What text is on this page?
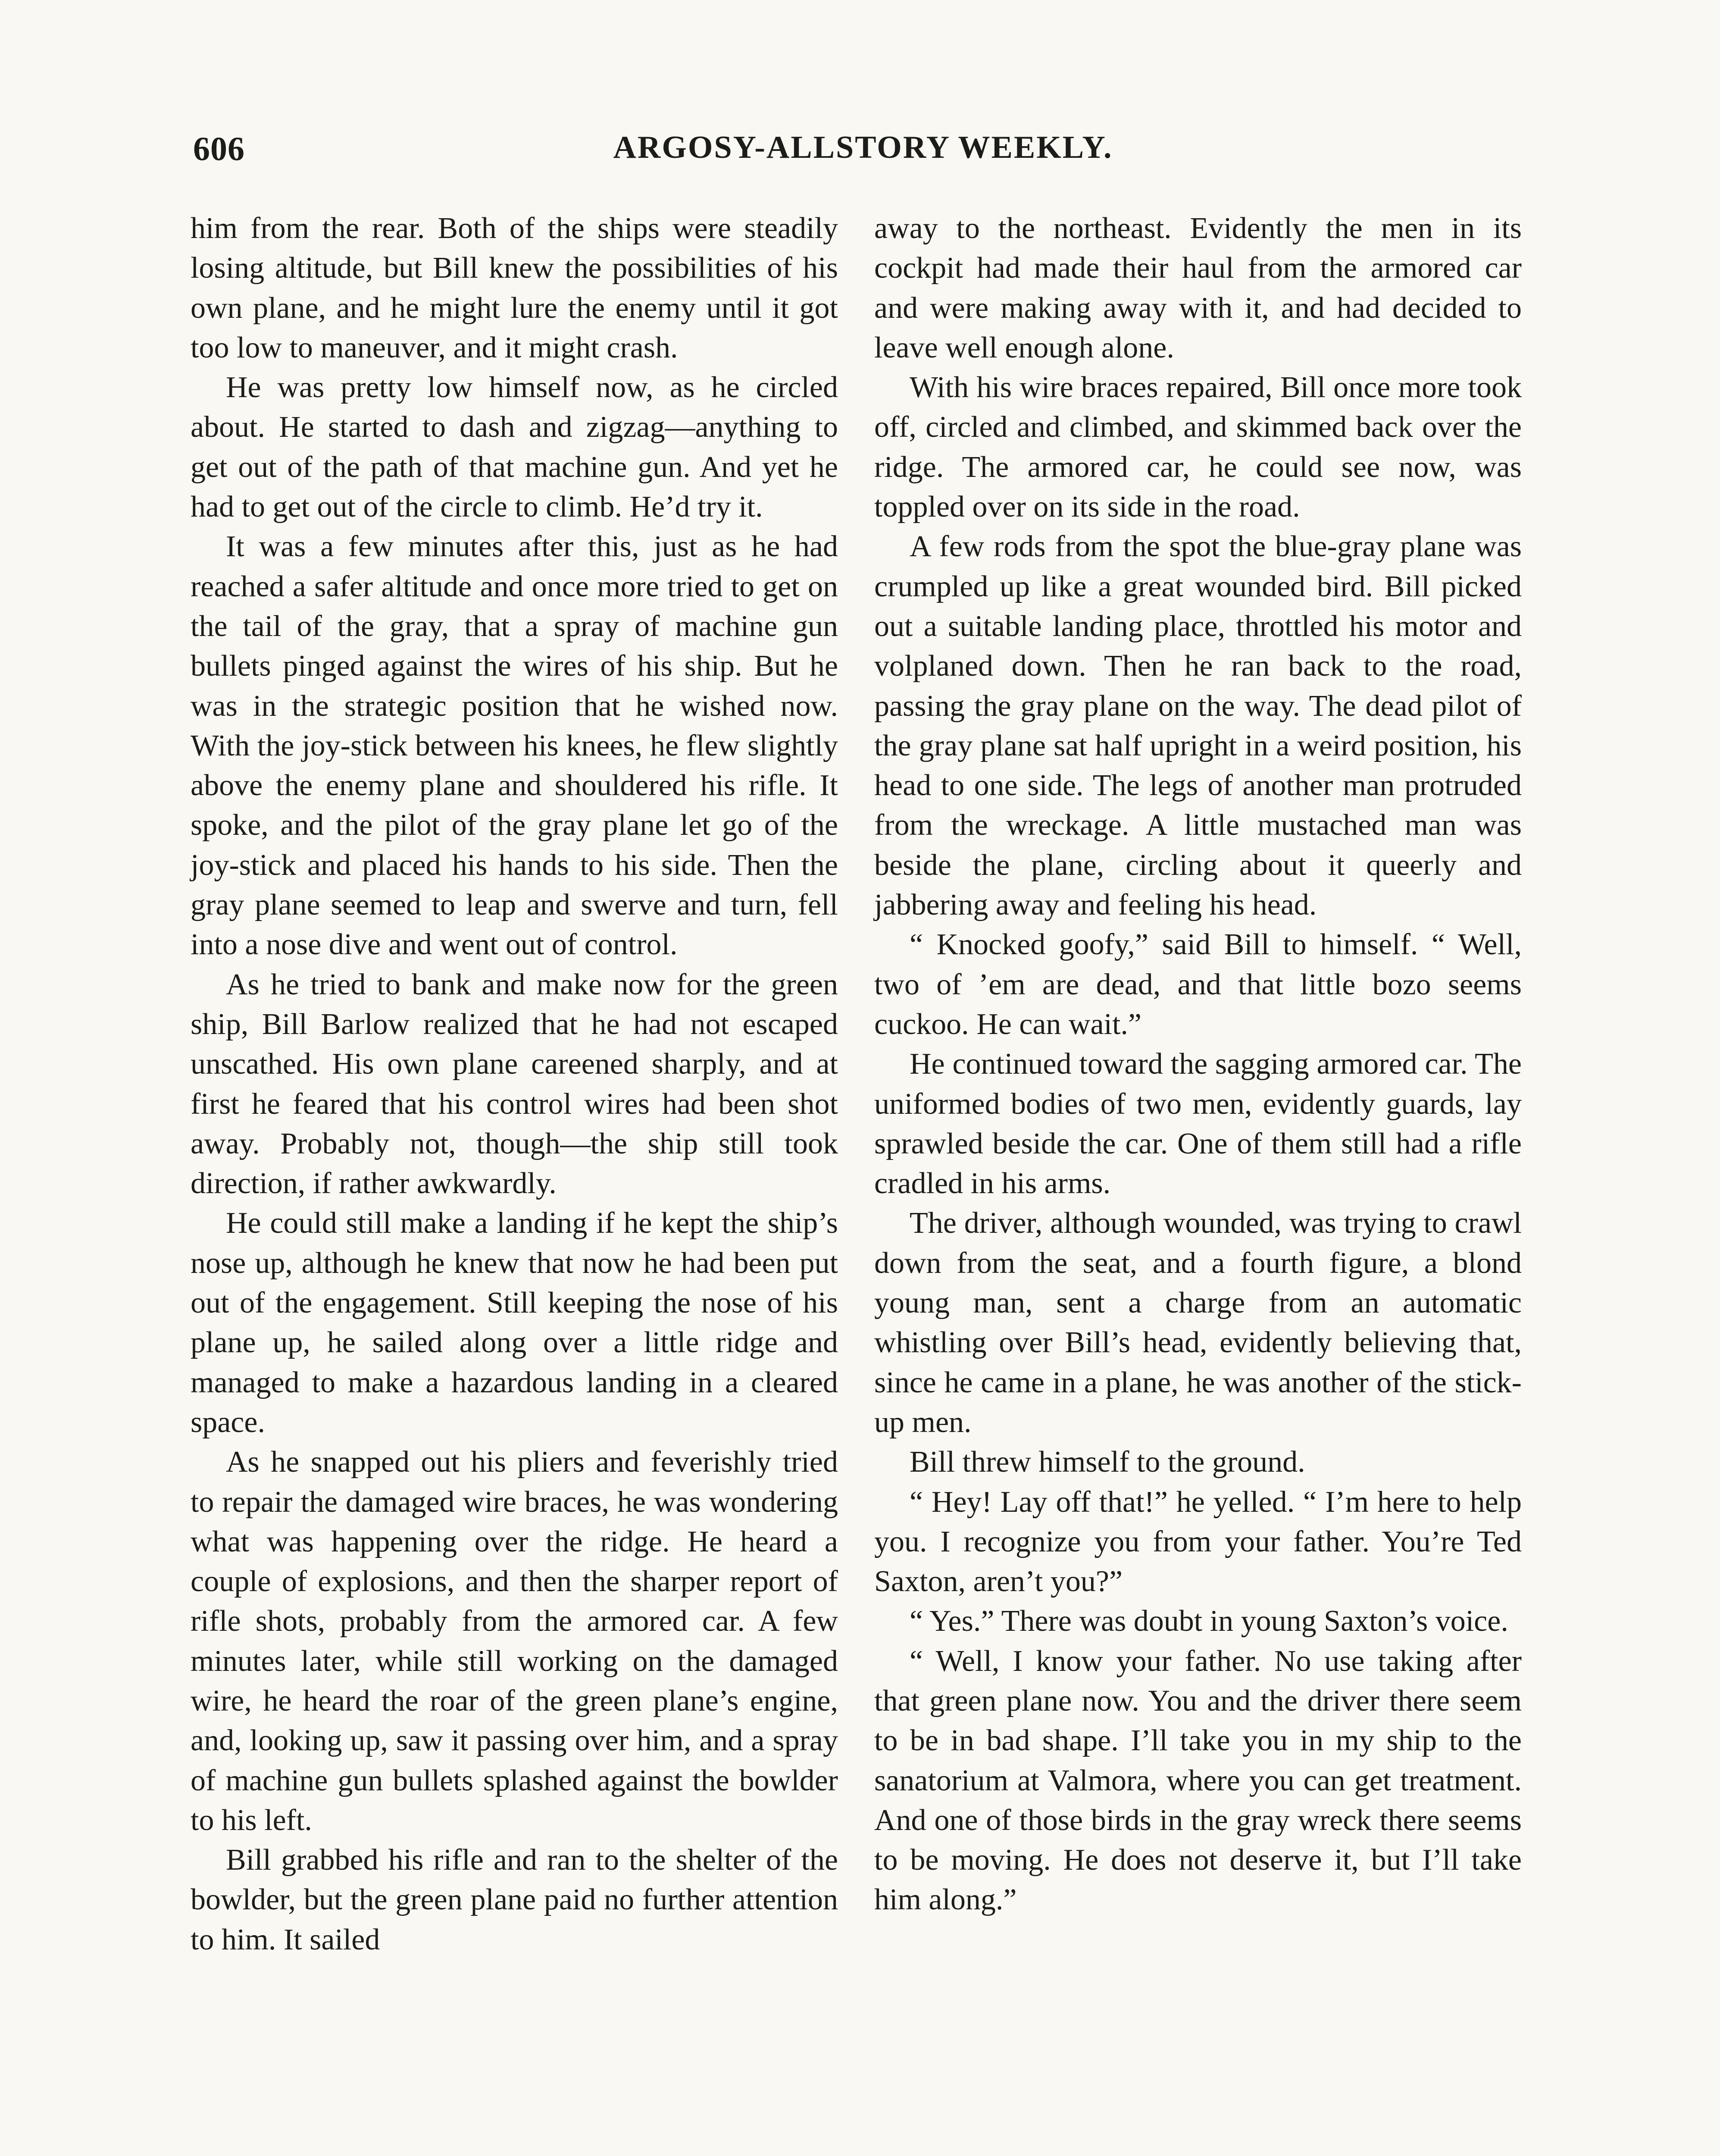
606	ARGOSY-ALLSTORY WEEKLY.

him from the rear. Both of the ships were steadily losing altitude, but Bill knew the possibilities of his own plane, and he might lure the enemy until it got too low to maneuver, and it might crash.

He was pretty low himself now, as he circled about. He started to dash and zigzag—anything to get out of the path of that machine gun. And yet he had to get out of the circle to climb. He’d try it.

It was a few minutes after this, just as he had reached a safer altitude and once more tried to get on the tail of the gray, that a spray of machine gun bullets pinged against the wires of his ship. But he was in the strategic position that he wished now. With the joy-stick between his knees, he flew slightly above the enemy plane and shouldered his rifle. It spoke, and the pilot of the gray plane let go of the joy-stick and placed his hands to his side. Then the gray plane seemed to leap and swerve and turn, fell into a nose dive and went out of control.

As he tried to bank and make now for the green ship, Bill Barlow realized that he had not escaped unscathed. His own plane careened sharply, and at first he feared that his control wires had been shot away. Probably not, though—the ship still took direction, if rather awkwardly.

He could still make a landing if he kept the ship’s nose up, although he knew that now he had been put out of the engagement. Still keeping the nose of his plane up, he sailed along over a little ridge and managed to make a hazardous landing in a cleared space.

As he snapped out his pliers and feverishly tried to repair the damaged wire braces, he was wondering what was happening over the ridge. He heard a couple of explosions, and then the sharper report of rifle shots, probably from the armored car. A few minutes later, while still working on the damaged wire, he heard the roar of the green plane’s engine, and, looking up, saw it passing over him, and a spray of machine gun bullets splashed against the bowlder to his left.

Bill grabbed his rifle and ran to the shelter of the bowlder, but the green plane paid no further attention to him. It sailed

away to the northeast. Evidently the men in its cockpit had made their haul from the armored car and were making away with it, and had decided to leave well enough alone.

With his wire braces repaired, Bill once more took off, circled and climbed, and skimmed back over the ridge. The armored car, he could see now, was toppled over on its side in the road.

A few rods from the spot the blue-gray plane was crumpled up like a great wounded bird. Bill picked out a suitable landing place, throttled his motor and volplaned down. Then he ran back to the road, passing the gray plane on the way. The dead pilot of the gray plane sat half upright in a weird position, his head to one side. The legs of another man protruded from the wreckage. A little mustached man was beside the plane, circling about it queerly and jabbering away and feeling his head.

“ Knocked goofy,” said Bill to himself. “ Well, two of ’em are dead, and that little bozo seems cuckoo. He can wait.”

He continued toward the sagging armored car. The uniformed bodies of two men, evidently guards, lay sprawled beside the car. One of them still had a rifle cradled in his arms.

The driver, although wounded, was trying to crawl down from the seat, and a fourth figure, a blond young man, sent a charge from an automatic whistling over Bill’s head, evidently believing that, since he came in a plane, he was another of the stick-up men.

Bill threw himself to the ground.

“ Hey! Lay off that!” he yelled. “ I’m here to help you. I recognize you from your father. You’re Ted Saxton, aren’t you?”

“ Yes.” There was doubt in young Saxton’s voice.

“ Well, I know your father. No use taking after that green plane now. You and the driver there seem to be in bad shape. I’ll take you in my ship to the sanatorium at Valmora, where you can get treatment. And one of those birds in the gray wreck there seems to be moving. He does not deserve it, but I’ll take him along.”
